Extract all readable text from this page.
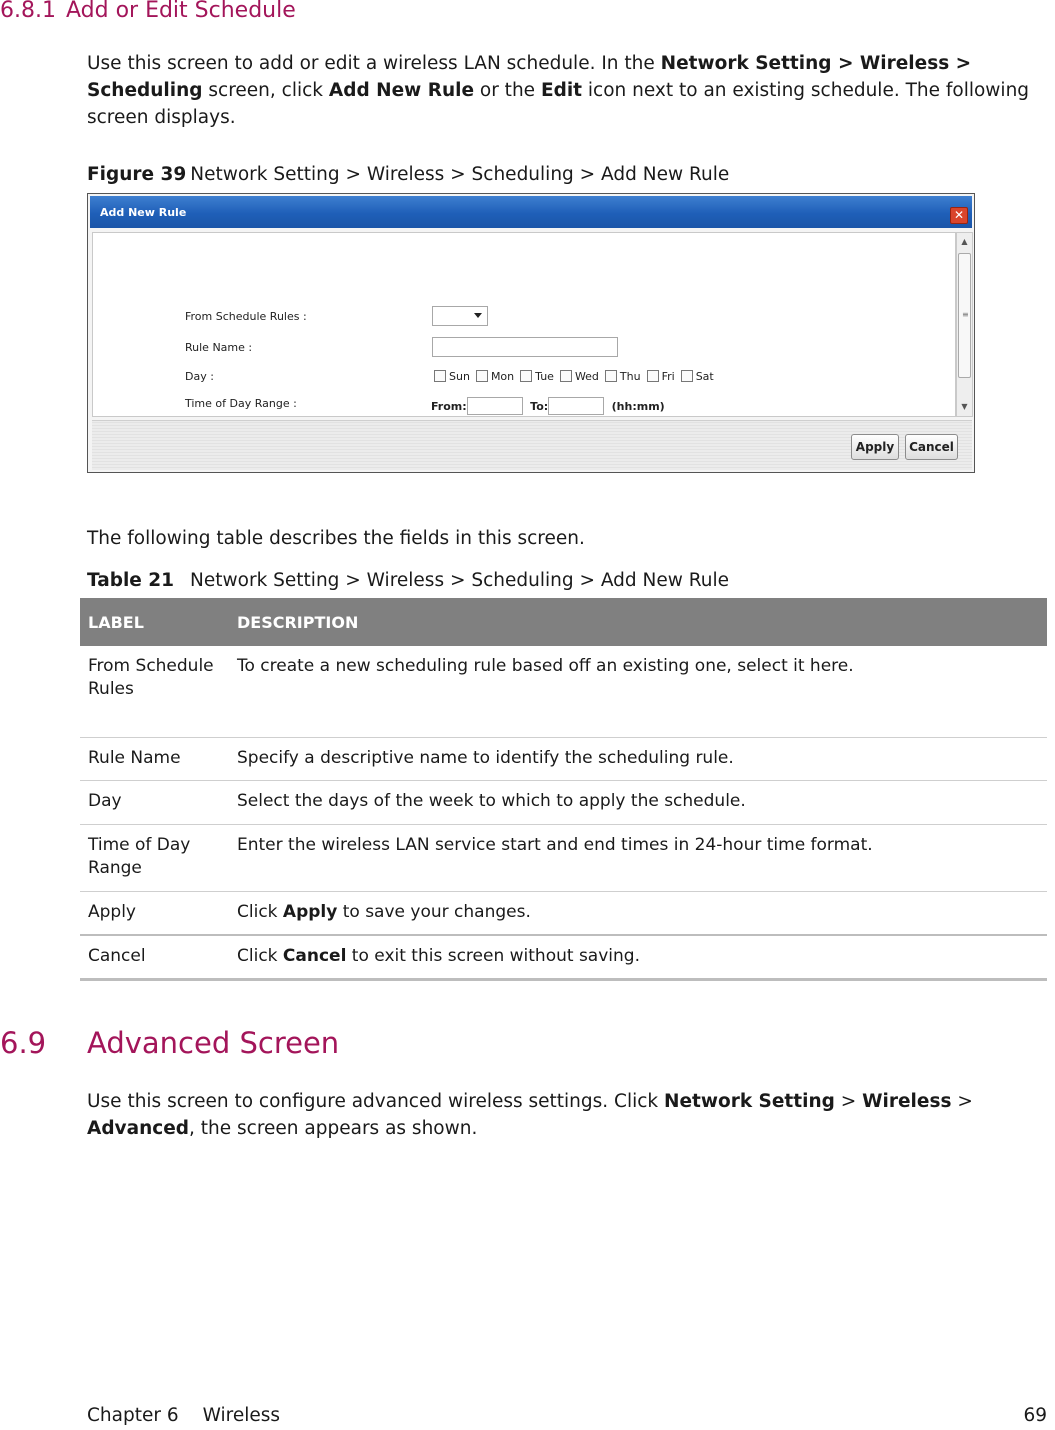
6.8.1 Add or Edit Schedule

Use this screen to add or edit a wireless LAN schedule. In the Network Setting > Wireless > Scheduling screen, click Add New Rule or the Edit icon next to an existing schedule. The following screen displays.

Figure 39 Network Setting > Wireless > Scheduling > Add New Rule
Add New Rule	✕
From Schedule Rules :
Rule Name :
Day :
Time of Day Range :
Sun Mon Tue Wed Thu Fri Sat
From:	To:	(hh:mm)
▲
≡
▼
Apply	Cancel

The following table describes the fields in this screen.

Table 21 Network Setting > Wireless > Scheduling > Add New Rule
LABEL	DESCRIPTION
From Schedule Rules	To create a new scheduling rule based off an existing one, select it here.
Rule Name	Specify a descriptive name to identify the scheduling rule.
Day	Select the days of the week to which to apply the schedule.
Time of Day Range	Enter the wireless LAN service start and end times in 24-hour time format.
Apply	Click Apply to save your changes.
Cancel	Click Cancel to exit this screen without saving.
6.9 Advanced Screen

Use this screen to configure advanced wireless settings. Click Network Setting > Wireless > Advanced, the screen appears as shown.

Chapter 6 Wireless	69
